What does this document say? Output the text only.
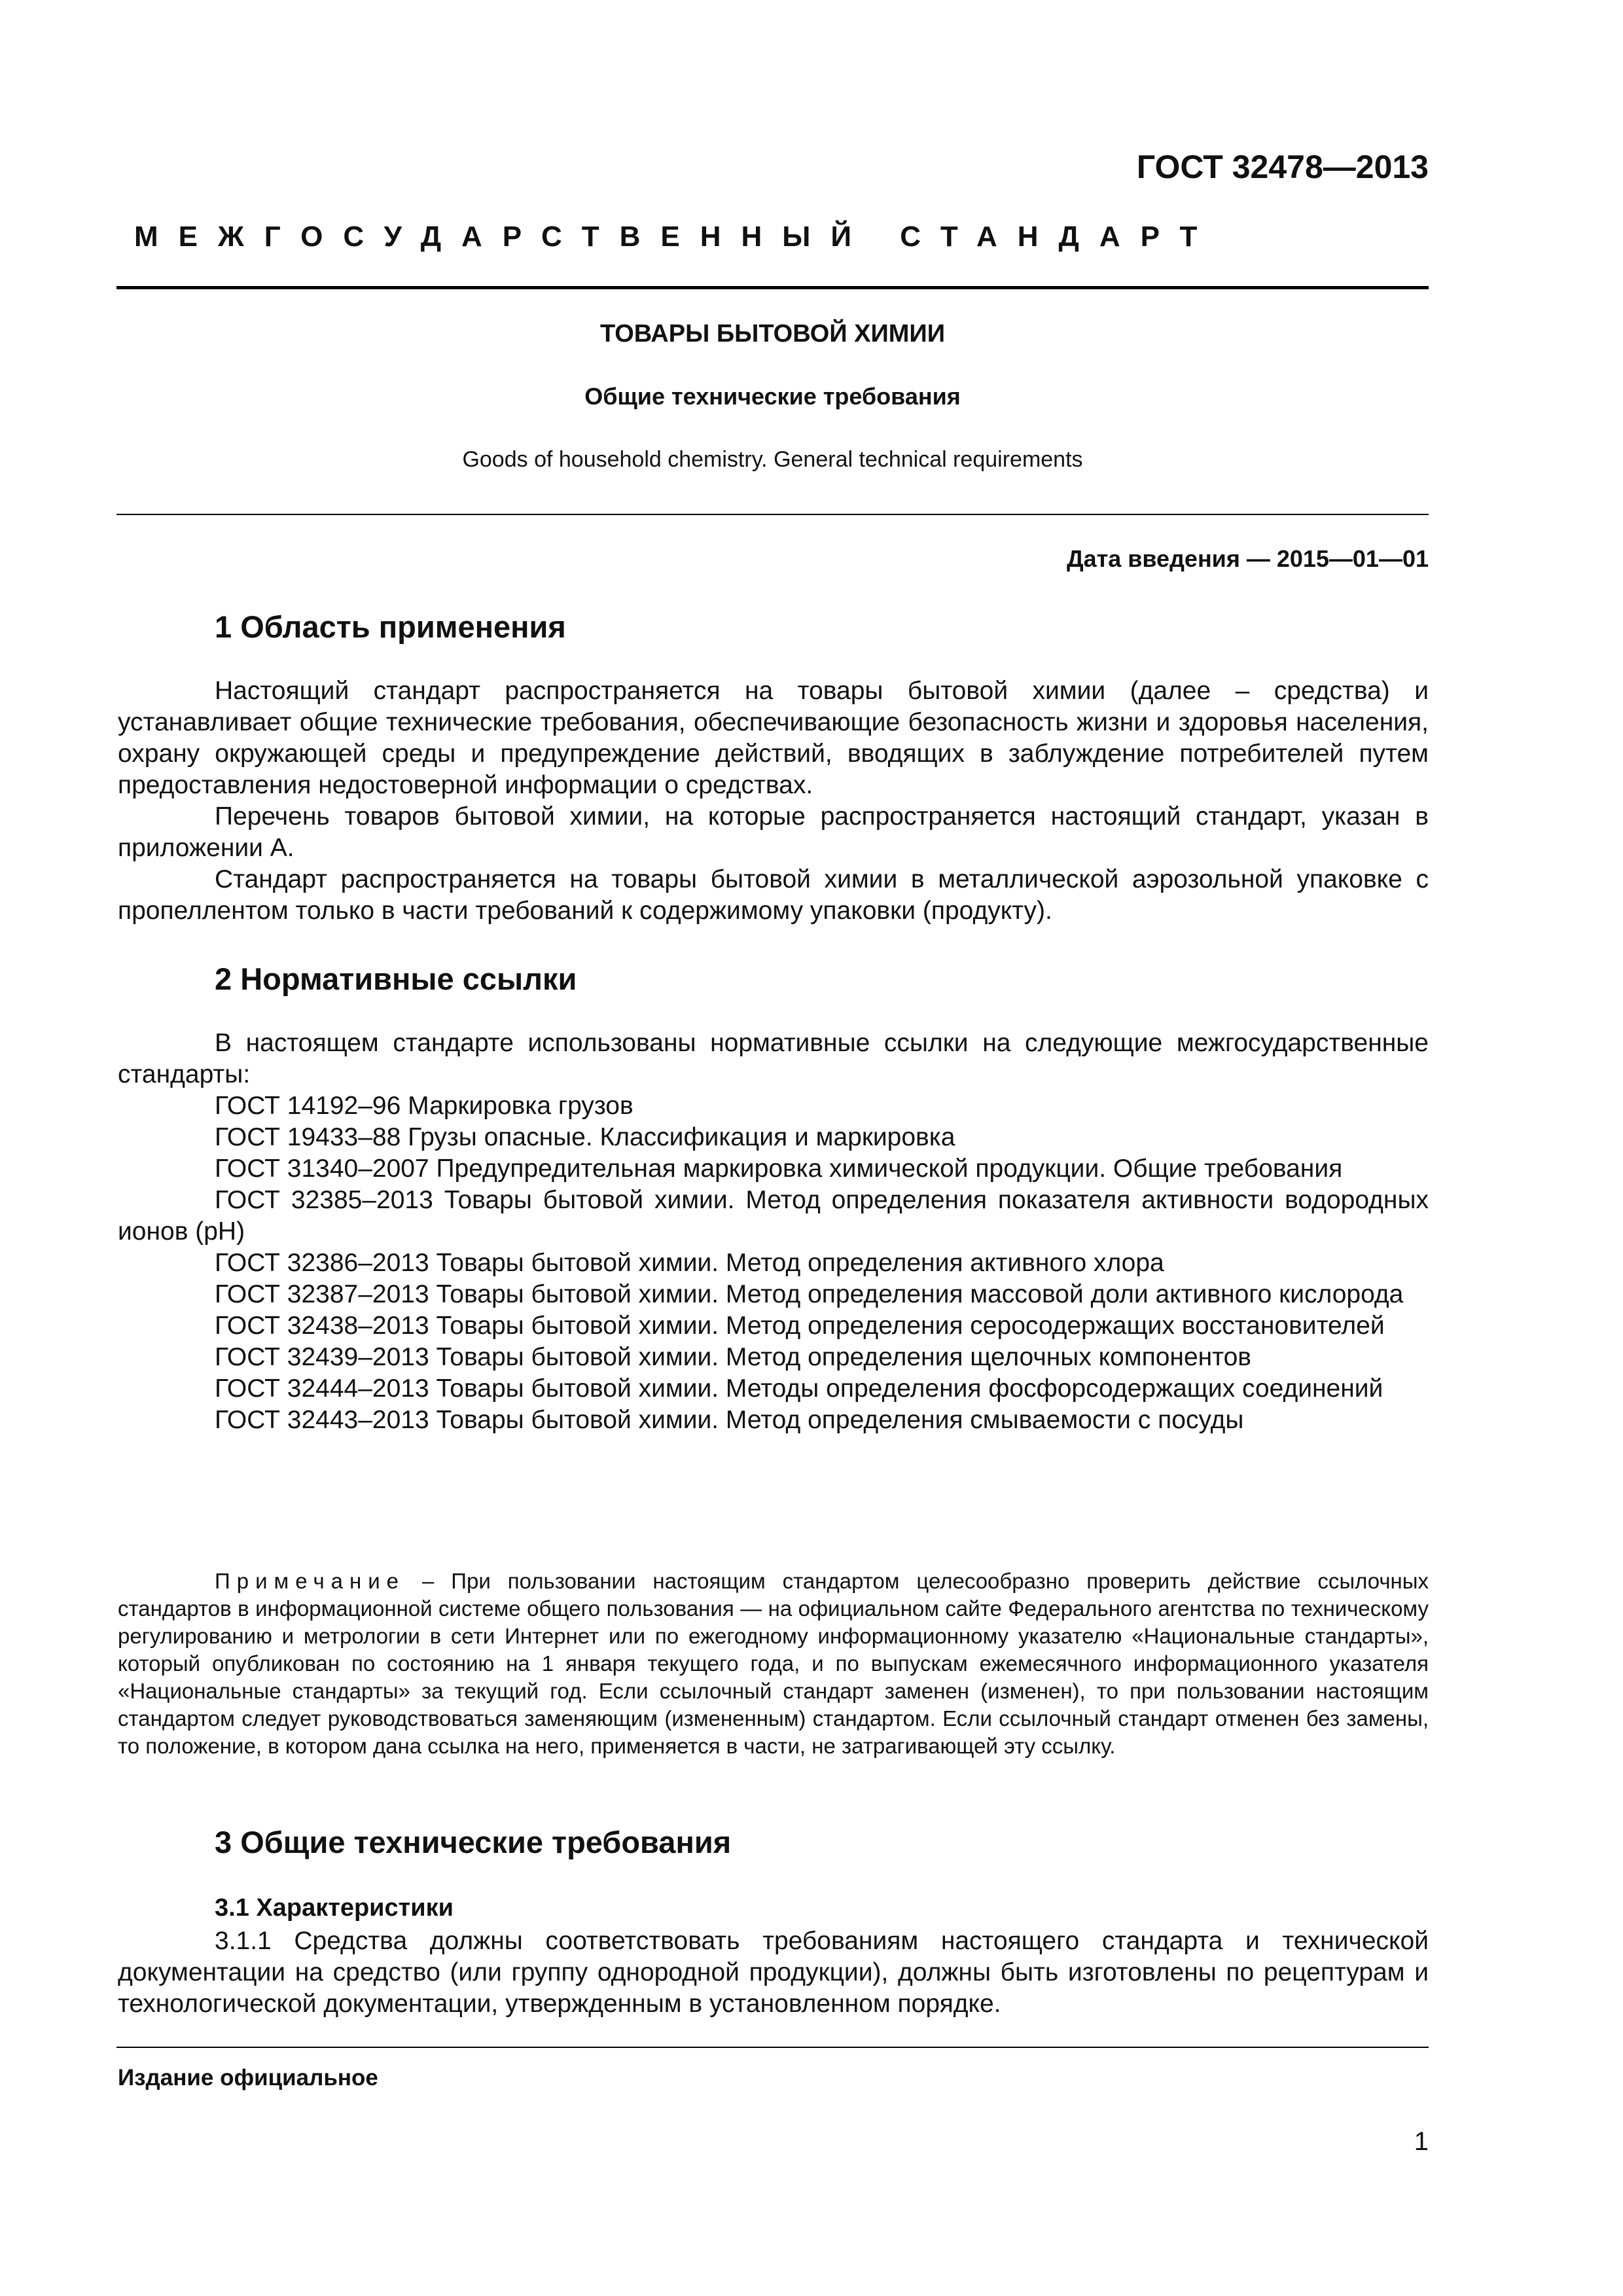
ГОСТ 32478—2013
МЕЖГОСУДАРСТВЕННЫЙ СТАНДАРТ
ТОВАРЫ БЫТОВОЙ ХИМИИ
Общие технические требования
Goods of household chemistry. General technical requirements
Дата введения — 2015—01—01
1 Область применения

Настоящий стандарт распространяется на товары бытовой химии (далее – средства) и устанавливает общие технические требования, обеспечивающие безопасность жизни и здоровья населения, охрану окружающей среды и предупреждение действий, вводящих в заблуждение потребителей путем предоставления недостоверной информации о средствах.

Перечень товаров бытовой химии, на которые распространяется настоящий стандарт, указан в приложении А.

Стандарт распространяется на товары бытовой химии в металлической аэрозольной упаковке с пропеллентом только в части требований к содержимому упаковки (продукту).

2 Нормативные ссылки

В настоящем стандарте использованы нормативные ссылки на следующие межгосударственные стандарты:

ГОСТ 14192–96 Маркировка грузов

ГОСТ 19433–88 Грузы опасные. Классификация и маркировка

ГОСТ 31340–2007 Предупредительная маркировка химической продукции. Общие требования

ГОСТ 32385–2013 Товары бытовой химии. Метод определения показателя активности водородных ионов (рН)

ГОСТ 32386–2013 Товары бытовой химии. Метод определения активного хлора

ГОСТ 32387–2013 Товары бытовой химии. Метод определения массовой доли активного кислорода

ГОСТ 32438–2013 Товары бытовой химии. Метод определения серосодержащих восстановителей

ГОСТ 32439–2013 Товары бытовой химии. Метод определения щелочных компонентов

ГОСТ 32444–2013 Товары бытовой химии. Методы определения фосфорсодержащих соединений

ГОСТ 32443–2013 Товары бытовой химии. Метод определения смываемости с посуды

Примечание – При пользовании настоящим стандартом целесообразно проверить действие ссылочных стандартов в информационной системе общего пользования — на официальном сайте Федерального агентства по техническому регулированию и метрологии в сети Интернет или по ежегодному информационному указателю «Национальные стандарты», который опубликован по состоянию на 1 января текущего года, и по выпускам ежемесячного информационного указателя «Национальные стандарты» за текущий год. Если ссылочный стандарт заменен (изменен), то при пользовании настоящим стандартом следует руководствоваться заменяющим (измененным) стандартом. Если ссылочный стандарт отменен без замены, то положение, в котором дана ссылка на него, применяется в части, не затрагивающей эту ссылку.
3 Общие технические требования
3.1 Характеристики

3.1.1 Средства должны соответствовать требованиям настоящего стандарта и технической документации на средство (или группу однородной продукции), должны быть изготовлены по рецептурам и технологической документации, утвержденным в установленном порядке.

Издание официальное
1
